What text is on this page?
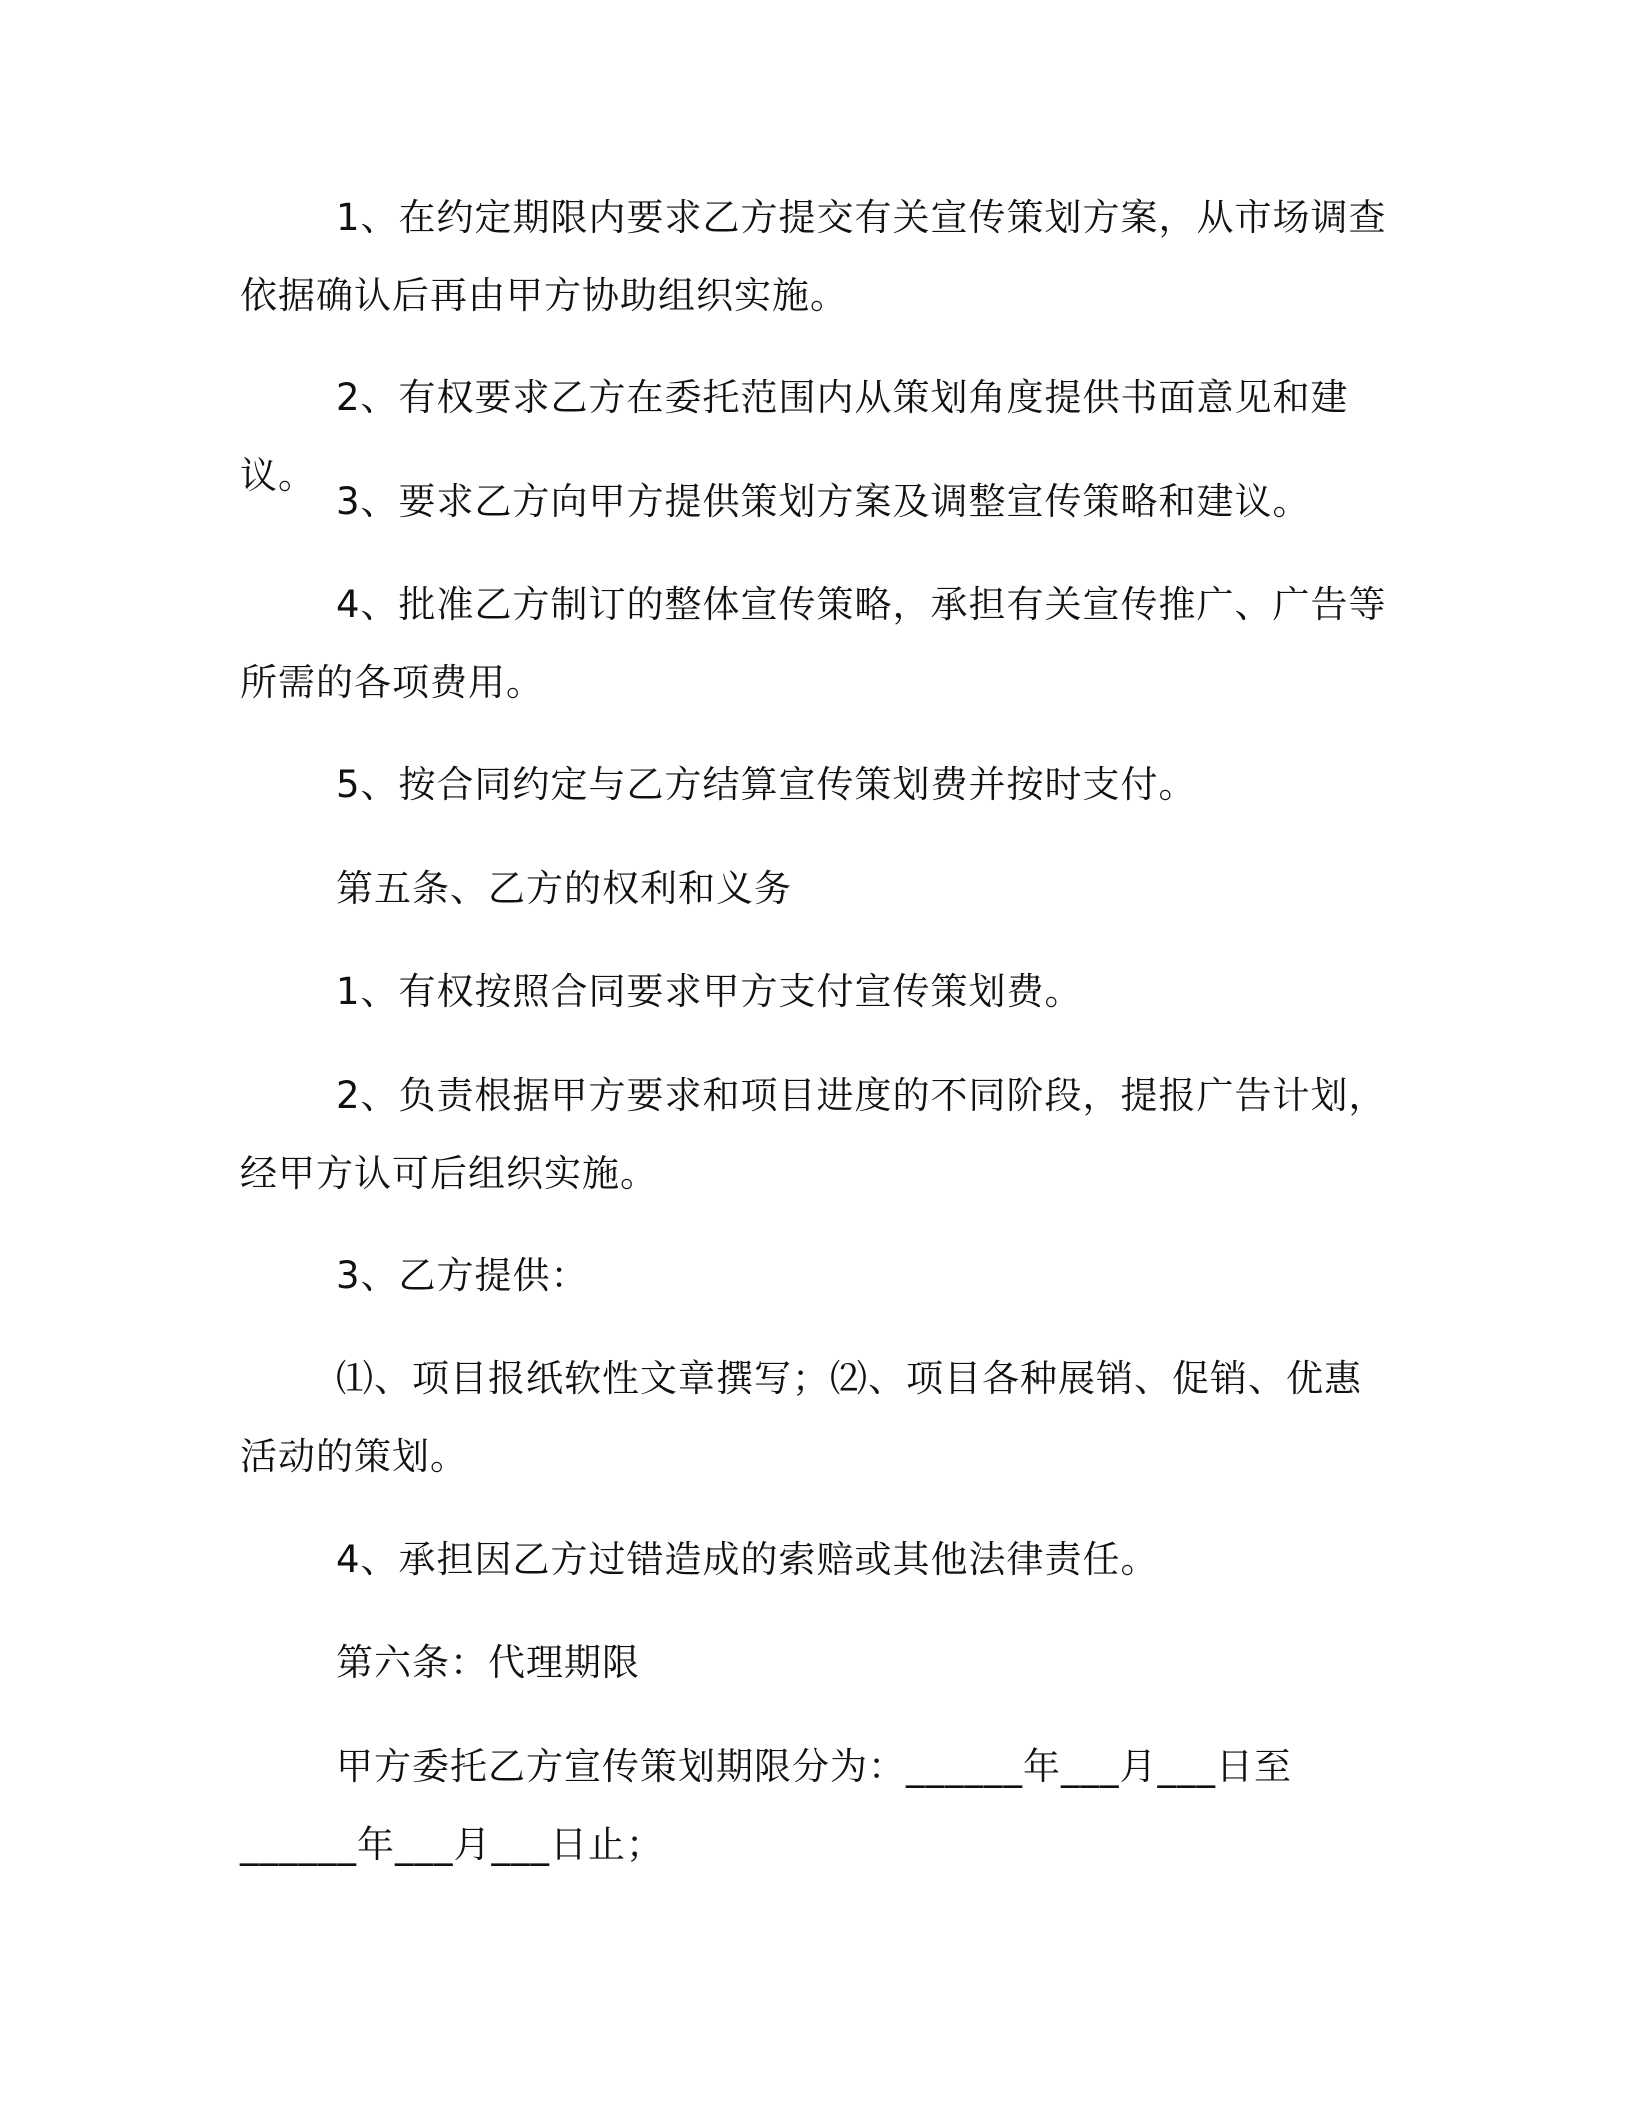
1、在约定期限内要求乙方提交有关宣传策划方案，从市场调查依据确认后再由甲方协助组织实施。

2、有权要求乙方在委托范围内从策划角度提供书面意见和建议。

3、要求乙方向甲方提供策划方案及调整宣传策略和建议。

4、批准乙方制订的整体宣传策略，承担有关宣传推广、广告等所需的各项费用。

5、按合同约定与乙方结算宣传策划费并按时支付。

第五条、乙方的权利和义务

1、有权按照合同要求甲方支付宣传策划费。

2、负责根据甲方要求和项目进度的不同阶段，提报广告计划，经甲方认可后组织实施。

3、乙方提供：

⑴、项目报纸软性文章撰写；⑵、项目各种展销、促销、优惠活动的策划。

4、承担因乙方过错造成的索赔或其他法律责任。

第六条：代理期限

甲方委托乙方宣传策划期限分为：______年___月___日至______年___月___日止；
